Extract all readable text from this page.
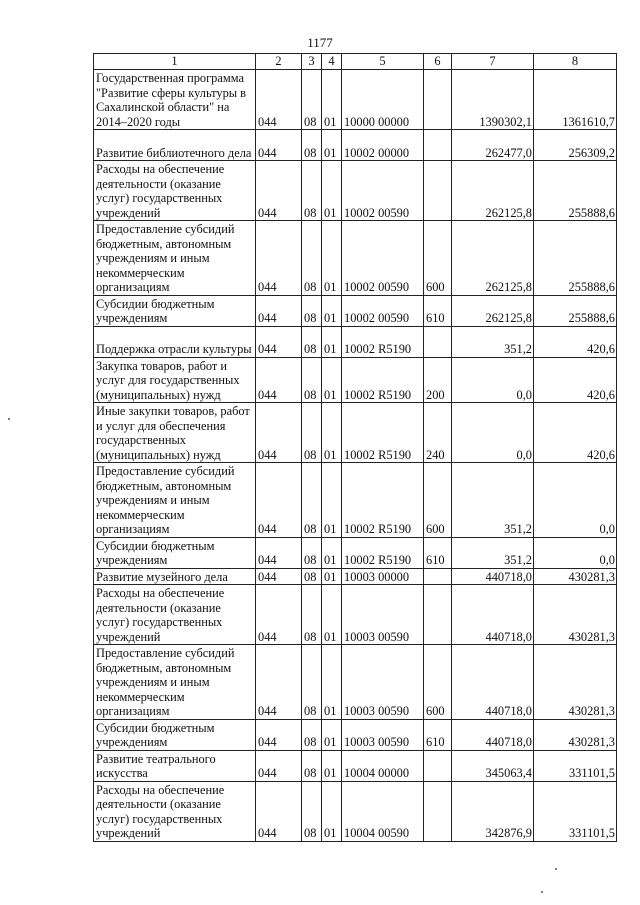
1177
1	2	3	4	5	6	7	8
Государственная программа "Развитие сферы культуры в Сахалинской области" на 2014–2020 годы	044	08	01	10000 00000		1390302,1	1361610,7
Развитие библиотечного дела	044	08	01	10002 00000		262477,0	256309,2
Расходы на обеспечение деятельности (оказание услуг) государственных учреждений	044	08	01	10002 00590		262125,8	255888,6
Предоставление субсидий бюджетным, автономным учреждениям и иным некоммерческим организациям	044	08	01	10002 00590	600	262125,8	255888,6
Субсидии бюджетным учреждениям	044	08	01	10002 00590	610	262125,8	255888,6
Поддержка отрасли культуры	044	08	01	10002 R5190		351,2	420,6
Закупка товаров, работ и услуг для государственных (муниципальных) нужд	044	08	01	10002 R5190	200	0,0	420,6
Иные закупки товаров, работ и услуг для обеспечения государственных (муниципальных) нужд	044	08	01	10002 R5190	240	0,0	420,6
Предоставление субсидий бюджетным, автономным учреждениям и иным некоммерческим организациям	044	08	01	10002 R5190	600	351,2	0,0
Субсидии бюджетным учреждениям	044	08	01	10002 R5190	610	351,2	0,0
Развитие музейного дела	044	08	01	10003 00000		440718,0	430281,3
Расходы на обеспечение деятельности (оказание услуг) государственных учреждений	044	08	01	10003 00590		440718,0	430281,3
Предоставление субсидий бюджетным, автономным учреждениям и иным некоммерческим организациям	044	08	01	10003 00590	600	440718,0	430281,3
Субсидии бюджетным учреждениям	044	08	01	10003 00590	610	440718,0	430281,3
Развитие театрального искусства	044	08	01	10004 00000		345063,4	331101,5
Расходы на обеспечение деятельности (оказание услуг) государственных учреждений	044	08	01	10004 00590		342876,9	331101,5
